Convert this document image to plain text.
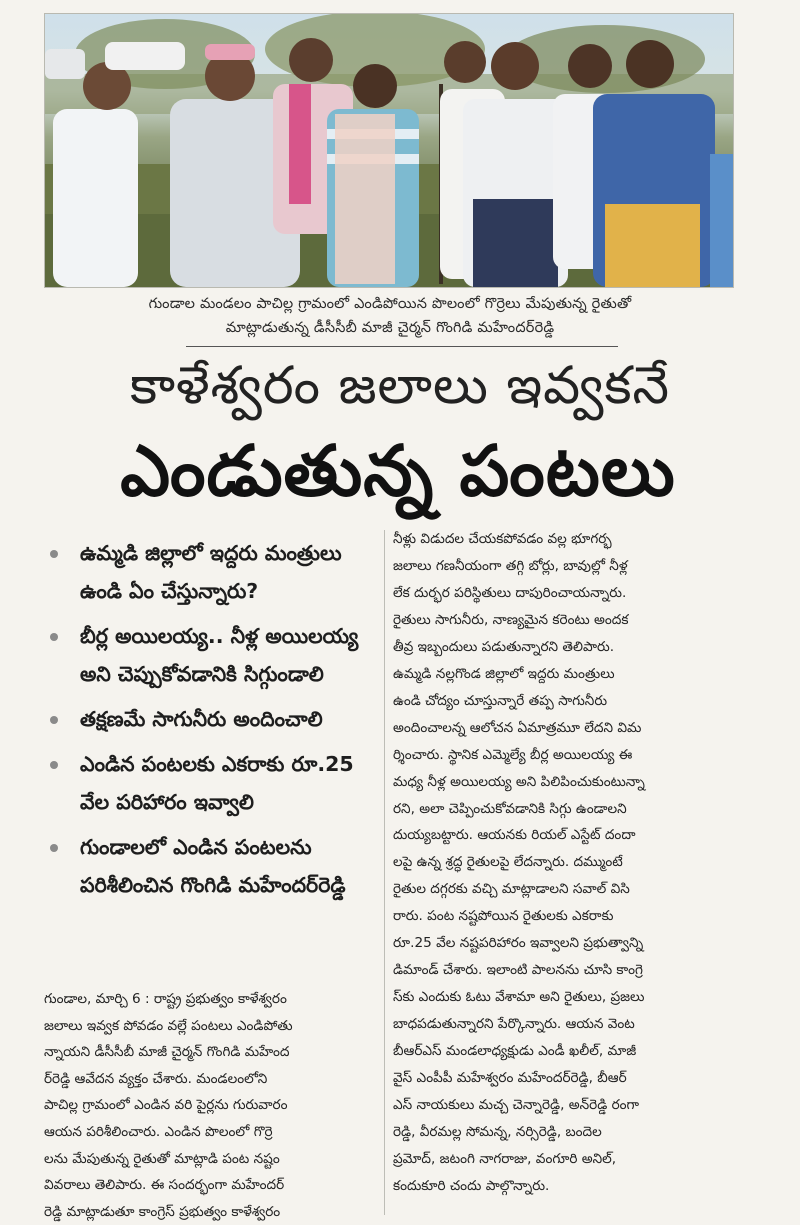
గుండాల మండలం పాచిల్ల గ్రామంలో ఎండిపోయిన పొలంలో గొర్రెలు మేపుతున్న రైతుతో
మాట్లాడుతున్న డీసీసీబీ మాజీ చైర్మన్ గొంగిడి మహేందర్‌రెడ్డి
కాళేశ్వరం జలాలు ఇవ్వకనే
ఎండుతున్న పంటలు
ఉమ్మడి జిల్లాలో ఇద్దరు మంత్రులు ఉండి ఏం చేస్తున్నారు?
బీర్ల అయిలయ్య.. నీళ్ల అయిలయ్య అని చెప్పుకోవడానికి సిగ్గుండాలి
తక్షణమే సాగునీరు అందించాలి
ఎండిన పంటలకు ఎకరాకు రూ.25 వేల పరిహారం ఇవ్వాలి
గుండాలలో ఎండిన పంటలను పరిశీలించిన గొంగిడి మహేందర్‌రెడ్డి
గుండాల, మార్చి 6 : రాష్ట్ర ప్రభుత్వం కాళేశ్వరం
జలాలు ఇవ్వక పోవడం వల్లే పంటలు ఎండిపోతు
న్నాయని డీసీసీబీ మాజీ చైర్మన్ గొంగిడి మహేంద
ర్‌రెడ్డి ఆవేదన వ్యక్తం చేశారు. మండలంలోని
పాచిల్ల గ్రామంలో ఎండిన వరి పైర్లను గురువారం
ఆయన పరిశీలించారు. ఎండిన పొలంలో గొర్రె
లను మేపుతున్న రైతుతో మాట్లాడి పంట నష్టం
వివరాలు తెలిపారు. ఈ సందర్భంగా మహేందర్
రెడ్డి మాట్లాడుతూ కాంగ్రెస్ ప్రభుత్వం కాళేశ్వరం
నీళ్లు విడుదల చేయకపోవడం వల్ల భూగర్భ
జలాలు గణనీయంగా తగ్గి బోర్లు, బావుల్లో నీళ్ల
లేక దుర్భర పరిస్థితులు దాపురించాయన్నారు.
రైతులు సాగునీరు, నాణ్యమైన కరెంటు అందక
తీవ్ర ఇబ్బందులు పడుతున్నారని తెలిపారు.
ఉమ్మడి నల్లగొండ జిల్లాలో ఇద్దరు మంత్రులు
ఉండి చోద్యం చూస్తున్నారే తప్ప సాగునీరు
అందించాలన్న ఆలోచన ఏమాత్రమూ లేదని విమ
ర్శించారు. స్థానిక ఎమ్మెల్యే బీర్ల అయిలయ్య ఈ
మధ్య నీళ్ల అయిలయ్య అని పిలిపించుకుంటున్నా
రని, అలా చెప్పించుకోవడానికి సిగ్గు ఉండాలని
దుయ్యబట్టారు. ఆయనకు రియల్ ఎస్టేట్ దందా
లపై ఉన్న శ్రద్ధ రైతులపై లేదన్నారు. దమ్ముంటే
రైతుల దగ్గరకు వచ్చి మాట్లాడాలని సవాల్ విసి
రారు. పంట నష్టపోయిన రైతులకు ఎకరాకు
రూ.25 వేల నష్టపరిహారం ఇవ్వాలని ప్రభుత్వాన్ని
డిమాండ్ చేశారు. ఇలాంటి పాలనను చూసి కాంగ్రె
స్‌కు ఎందుకు ఓటు వేశామా అని రైతులు, ప్రజలు
బాధపడుతున్నారని పేర్కొన్నారు. ఆయన వెంట
బీఆర్ఎస్ మండలాధ్యక్షుడు ఎండీ ఖలీల్, మాజీ
వైస్ ఎంపీపీ మహేశ్వరం మహేందర్‌రెడ్డి, బీఆర్
ఎస్ నాయకులు మచ్చ చెన్నారెడ్డి, అన్‌రెడ్డి రంగా
రెడ్డి, వీరమల్ల సోమన్న, నర్సిరెడ్డి, బందెల
ప్రమోద్, జటంగి నాగరాజు, వంగూరి అనిల్,
కందుకూరి చందు పాల్గొన్నారు.
